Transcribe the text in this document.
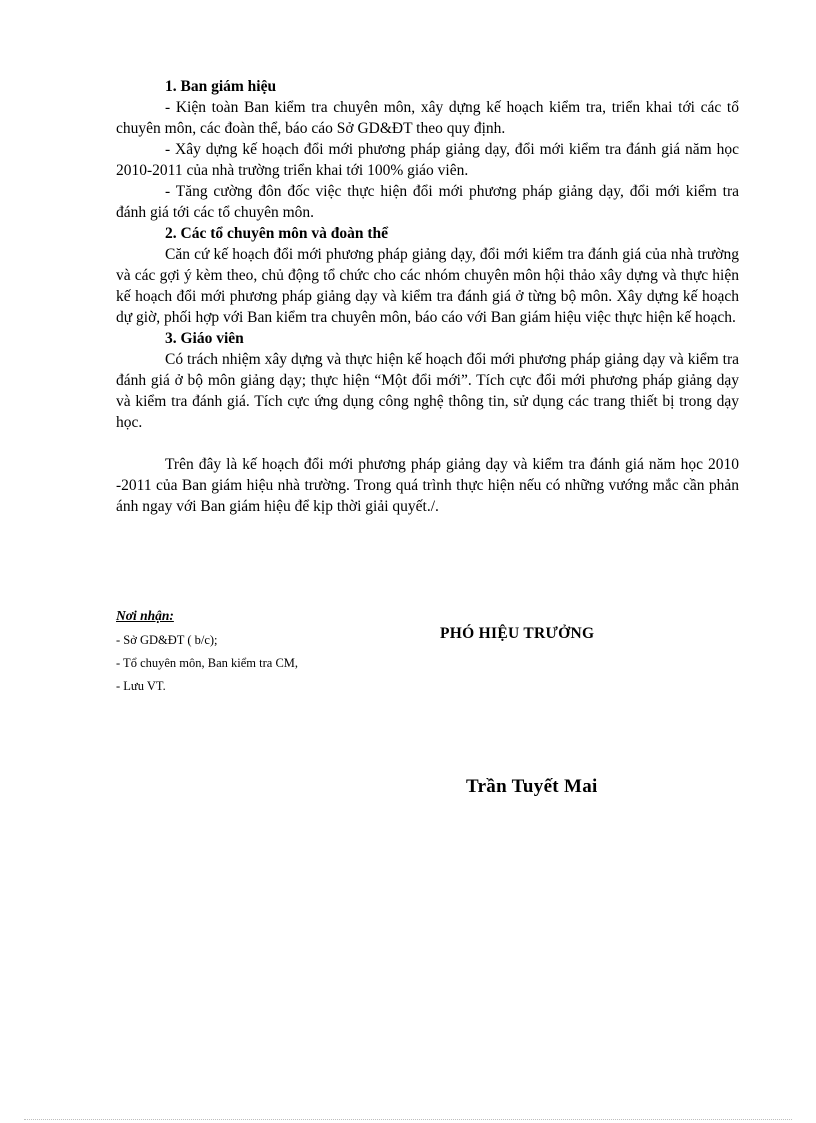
1. Ban giám hiệu

- Kiện toàn Ban kiểm tra chuyên môn, xây dựng kế hoạch kiểm tra, triển khai tới các tổ chuyên môn, các đoàn thể, báo cáo Sở GD&ĐT theo quy định.

- Xây dựng kế hoạch đổi mới phương pháp giảng dạy, đổi mới kiểm tra đánh giá năm học 2010-2011 của nhà trường triển khai tới 100% giáo viên.

- Tăng cường đôn đốc việc thực hiện đổi mới phương pháp giảng dạy, đổi mới kiểm tra đánh giá tới các tổ chuyên môn.

2. Các tổ chuyên môn và đoàn thể

Căn cứ kế hoạch đổi mới phương pháp giảng dạy, đổi mới kiểm tra đánh giá của nhà trường và các gợi ý kèm theo, chủ động tổ chức cho các nhóm chuyên môn hội thảo xây dựng và thực hiện kế hoạch đổi mới phương pháp giảng dạy và kiểm tra đánh giá ở từng bộ môn. Xây dựng kế hoạch dự giờ, phối hợp với Ban kiểm tra chuyên môn, báo cáo với Ban giám hiệu việc thực hiện kế hoạch.

3. Giáo viên

Có trách nhiệm xây dựng và thực hiện kế hoạch đổi mới phương pháp giảng dạy và kiểm tra đánh giá ở bộ môn giảng dạy; thực hiện “Một đổi mới”. Tích cực đổi mới phương pháp giảng dạy và kiểm tra đánh giá. Tích cực ứng dụng công nghệ thông tin, sử dụng các trang thiết bị trong dạy học.

Trên đây là kế hoạch đổi mới phương pháp giảng dạy và kiểm tra đánh giá năm học 2010 -2011 của Ban giám hiệu nhà trường. Trong quá trình thực hiện nếu có những vướng mắc cần phản ánh ngay với Ban giám hiệu để kịp thời giải quyết./.

Nơi nhận:
- Sở GD&ĐT ( b/c);
- Tổ chuyên môn, Ban kiểm tra CM,
- Lưu VT.
PHÓ HIỆU TRƯỞNG
Trần Tuyết Mai
